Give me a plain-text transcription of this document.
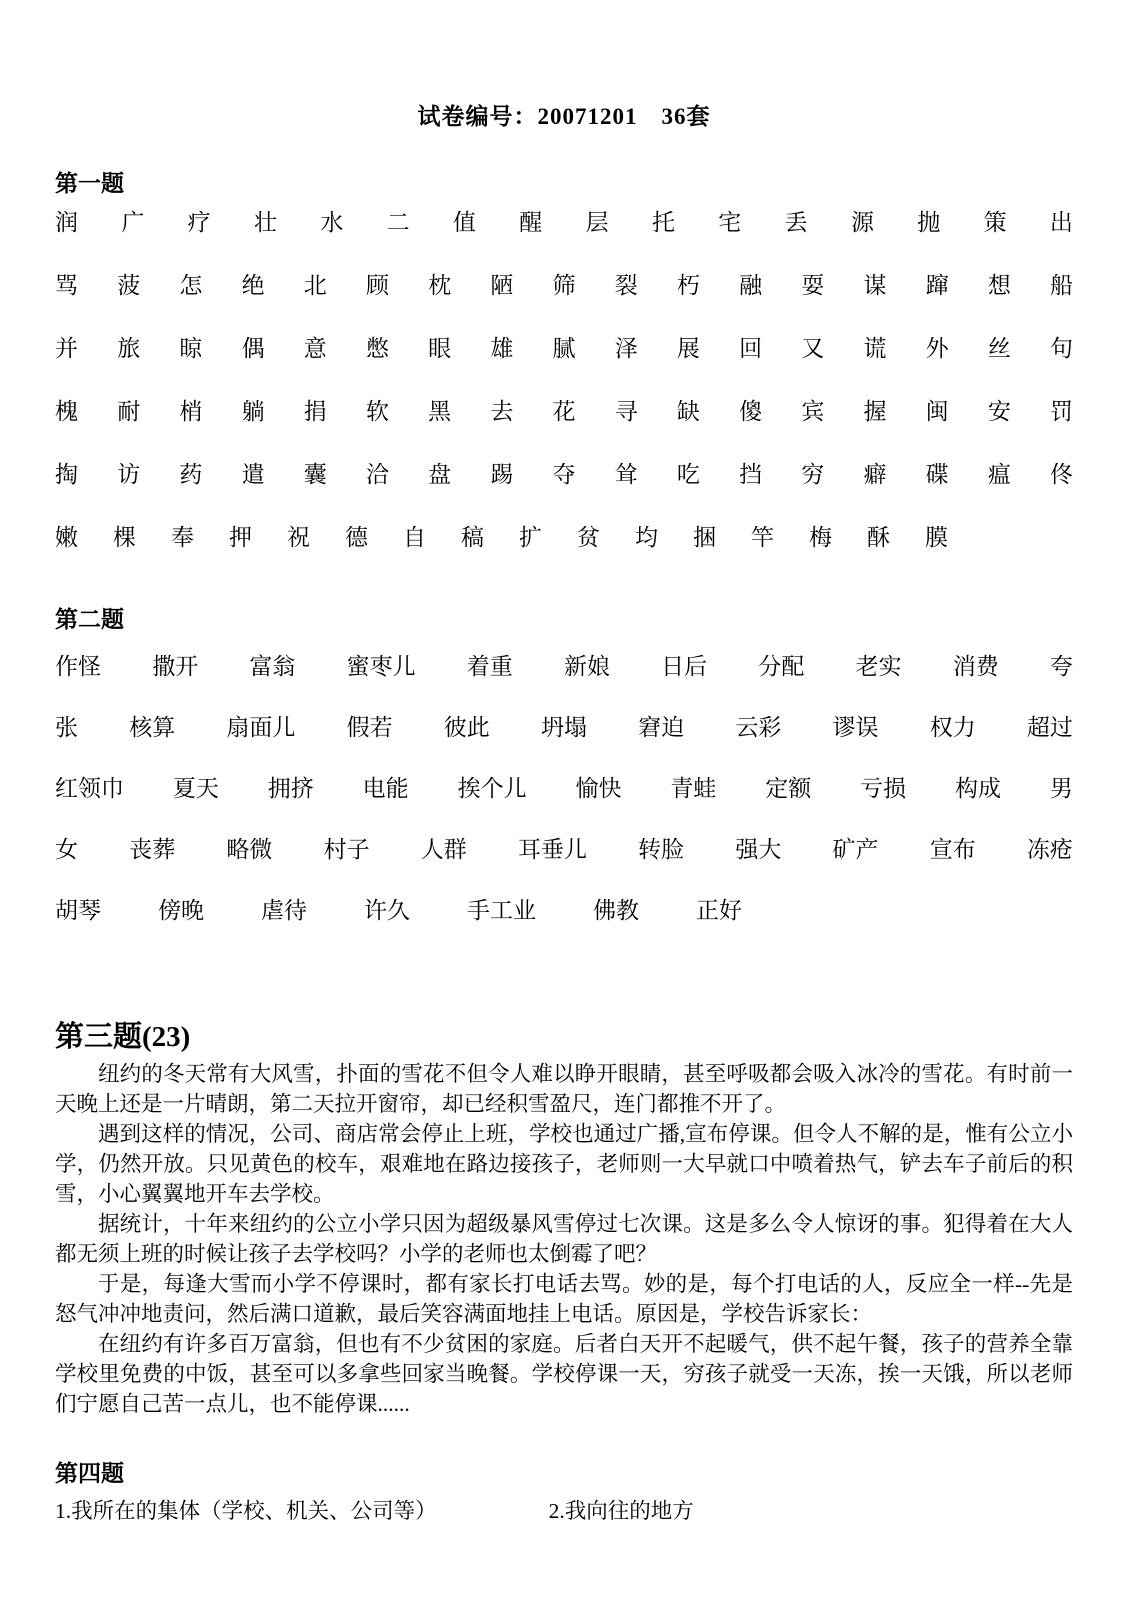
试卷编号：20071201　36套
第一题
润 广 疗 壮 水 二 值 醒 层 托 宅 丢 源 抛 策 出
骂 菠 怎 绝 北 顾 枕 陋 筛 裂 朽 融 耍 谋 蹿 想 船
并 旅 晾 偶 意 憋 眼 雄 腻 泽 展 回 又 谎 外 丝 句
槐 耐 梢 躺 捐 软 黑 去 花 寻 缺 傻 宾 握 闽 安 罚
掏 访 药 遣 囊 洽 盘 踢 夺 耸 吃 挡 穷 癖 碟 瘟 佟
嫩 棵 奉 押 祝 德 自 稿 扩 贫 均 捆 竿 梅 酥 膜
第二题
作怪 撒开 富翁 蜜枣儿 着重 新娘 日后 分配 老实 消费 夸
张 核算 扇面儿 假若 彼此 坍塌 窘迫 云彩 谬误 权力 超过
红领巾 夏天 拥挤 电能 挨个儿 愉快 青蛙 定额 亏损 构成 男
女 丧葬 略微 村子 人群 耳垂儿 转脸 强大 矿产 宣布 冻疮
胡琴 傍晚 虐待 许久 手工业 佛教 正好
第三题(23)

纽约的冬天常有大风雪，扑面的雪花不但令人难以睁开眼睛，甚至呼吸都会吸入冰冷的雪花。有时前一天晚上还是一片晴朗，第二天拉开窗帘，却已经积雪盈尺，连门都推不开了。

遇到这样的情况，公司、商店常会停止上班，学校也通过广播,宣布停课。但令人不解的是，惟有公立小学，仍然开放。只见黄色的校车，艰难地在路边接孩子，老师则一大早就口中喷着热气，铲去车子前后的积雪，小心翼翼地开车去学校。

据统计，十年来纽约的公立小学只因为超级暴风雪停过七次课。这是多么令人惊讶的事。犯得着在大人都无须上班的时候让孩子去学校吗？小学的老师也太倒霉了吧？

于是，每逢大雪而小学不停课时，都有家长打电话去骂。妙的是，每个打电话的人，反应全一样--先是怒气冲冲地责问，然后满口道歉，最后笑容满面地挂上电话。原因是，学校告诉家长：

在纽约有许多百万富翁，但也有不少贫困的家庭。后者白天开不起暖气，供不起午餐，孩子的营养全靠学校里免费的中饭，甚至可以多拿些回家当晚餐。学校停课一天，穷孩子就受一天冻，挨一天饿，所以老师们宁愿自己苦一点儿，也不能停课......

第四题
1.我所在的集体（学校、机关、公司等）	2.我向往的地方
